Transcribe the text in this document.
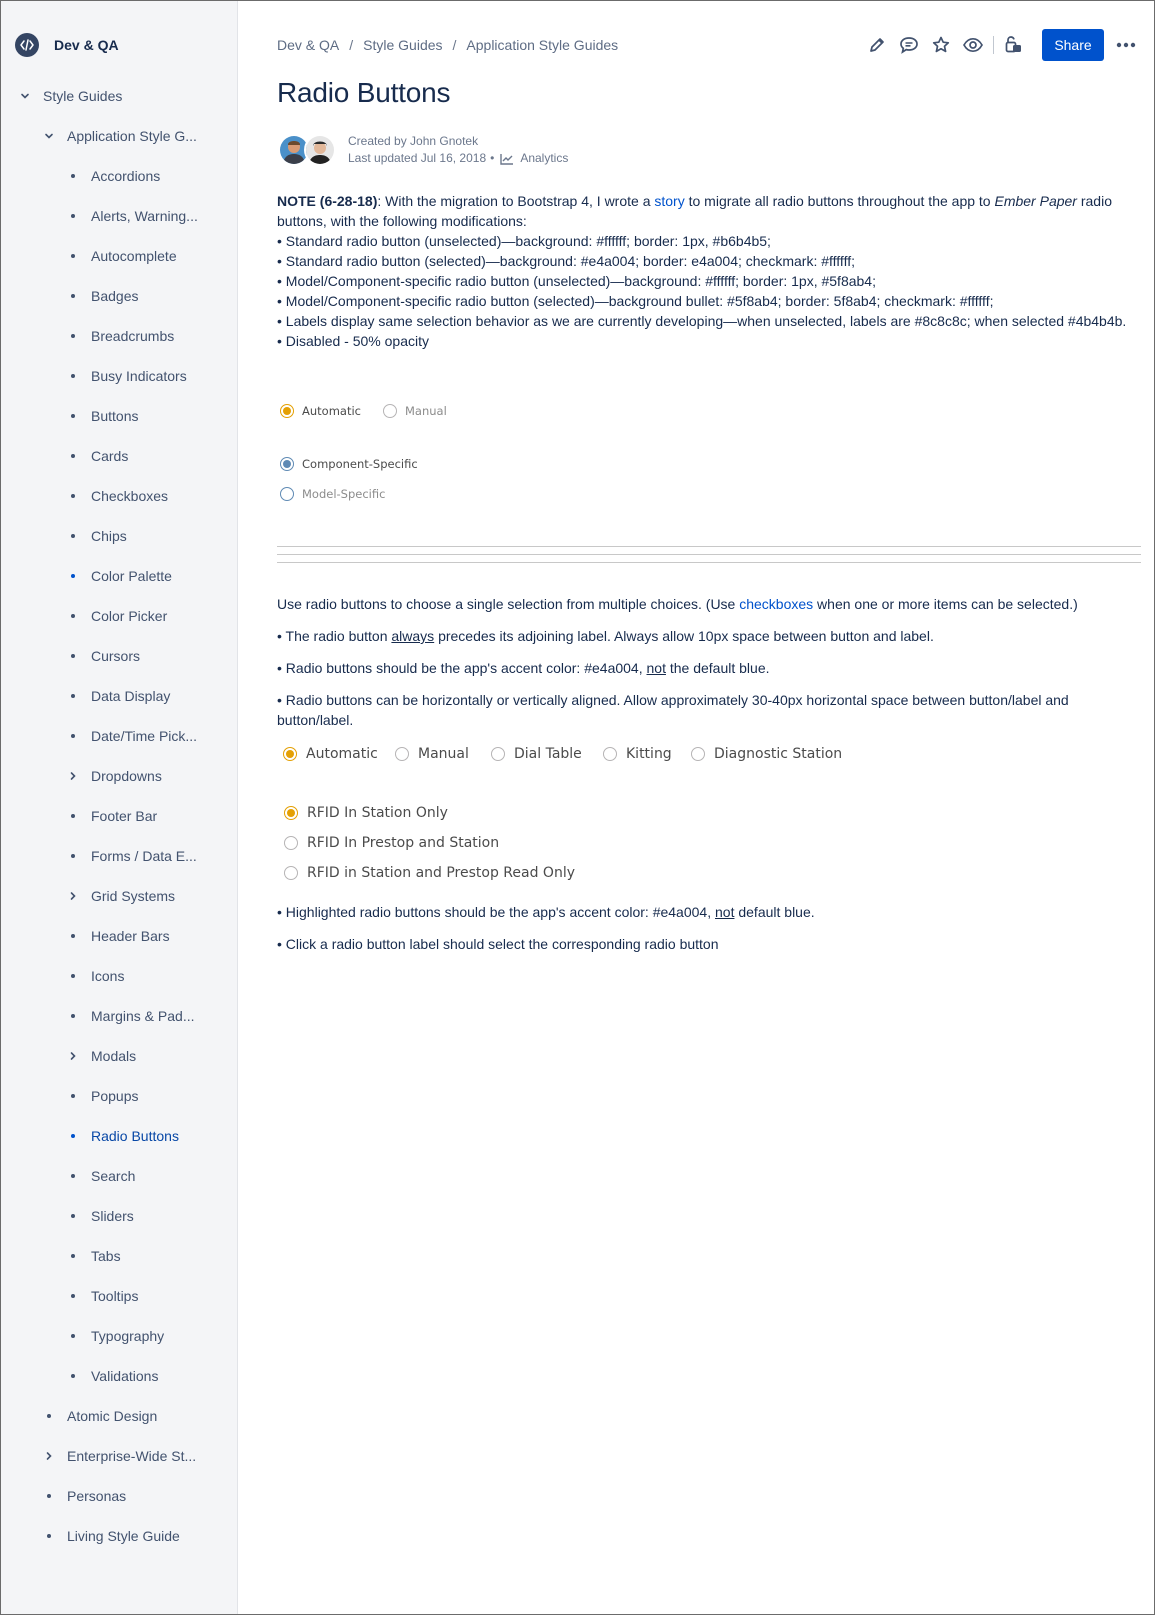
Dev & QA
Style Guides
Application Style G...
Accordions
Alerts, Warning...
Autocomplete
Badges
Breadcrumbs
Busy Indicators
Buttons
Cards
Checkboxes
Chips
Color Palette
Color Picker
Cursors
Data Display
Date/Time Pick...
Dropdowns
Footer Bar
Forms / Data E...
Grid Systems
Header Bars
Icons
Margins & Pad...
Modals
Popups
Radio Buttons
Search
Sliders
Tabs
Tooltips
Typography
Validations
Atomic Design
Enterprise-Wide St...
Personas
Living Style Guide
Dev & QA / Style Guides / Application Style Guides	Share
Radio Buttons
Created by John Gnotek
Last updated Jul 16, 2018 • Analytics

NOTE (6-28-18): With the migration to Bootstrap 4, I wrote a story to migrate all radio buttons throughout the app to Ember Paper radio buttons, with the following modifications:

• Standard radio button (unselected)—background: #ffffff; border: 1px, #b6b4b5;

• Standard radio button (selected)—background: #e4a004; border: e4a004; checkmark: #ffffff;

• Model/Component-specific radio button (unselected)—background: #ffffff; border: 1px, #5f8ab4;

• Model/Component-specific radio button (selected)—background bullet: #5f8ab4; border: 5f8ab4; checkmark: #ffffff;

• Labels display same selection behavior as we are currently developing—when unselected, labels are #8c8c8c; when selected #4b4b4b.

• Disabled - 50% opacity

Automatic	Manual
Component-Specific
Model-Specific
Use radio buttons to choose a single selection from multiple choices. (Use checkboxes when one or more items can be selected.)
• The radio button always precedes its adjoining label. Always allow 10px space between button and label.
• Radio buttons should be the app's accent color: #e4a004, not the default blue.
• Radio buttons can be horizontally or vertically aligned. Allow approximately 30-40px horizontal space between button/label and button/label.
Automatic	Manual	Dial Table	Kitting	Diagnostic Station
RFID In Station Only
RFID In Prestop and Station
RFID in Station and Prestop Read Only
• Highlighted radio buttons should be the app's accent color: #e4a004, not default blue.
• Click a radio button label should select the corresponding radio button
